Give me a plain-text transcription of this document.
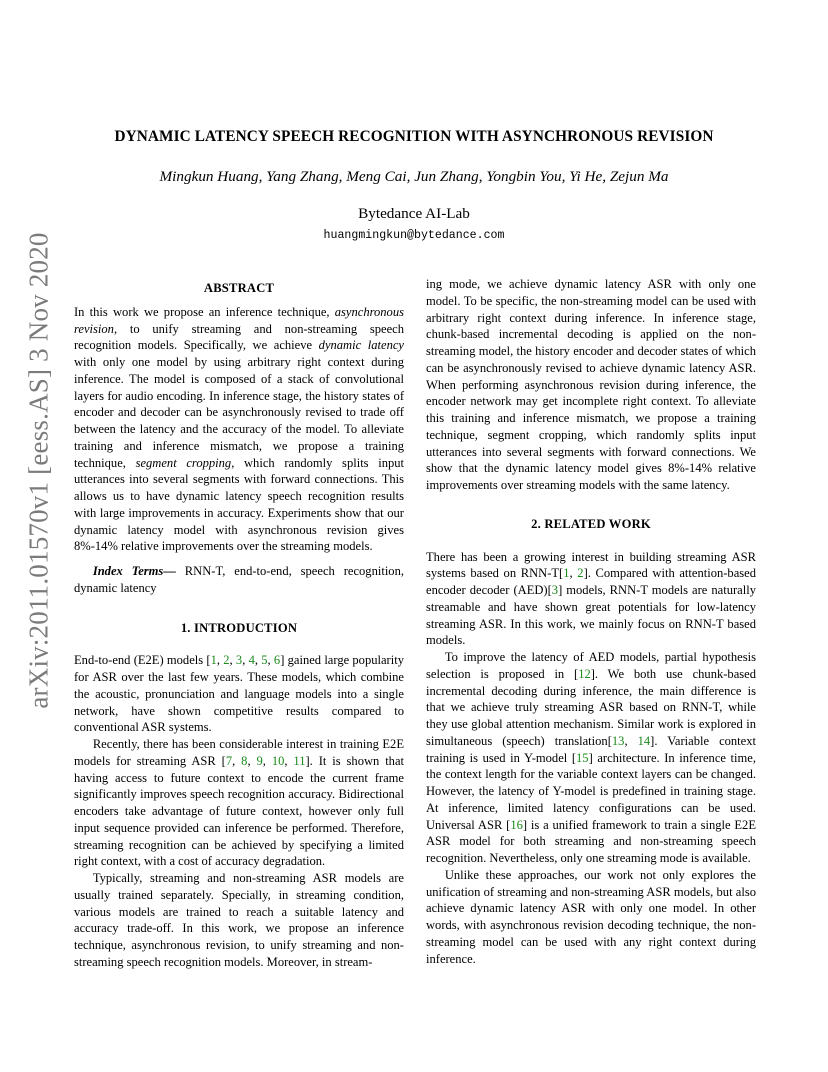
arXiv:2011.01570v1 [eess.AS] 3 Nov 2020
DYNAMIC LATENCY SPEECH RECOGNITION WITH ASYNCHRONOUS REVISION
Mingkun Huang, Yang Zhang, Meng Cai, Jun Zhang, Yongbin You, Yi He, Zejun Ma
Bytedance AI-Lab
huangmingkun@bytedance.com

ABSTRACT

In this work we propose an inference technique, asynchronous revision, to unify streaming and non-streaming speech recognition models. Specifically, we achieve dynamic latency with only one model by using arbitrary right context during inference. The model is composed of a stack of convolutional layers for audio encoding. In inference stage, the history states of encoder and decoder can be asynchronously revised to trade off between the latency and the accuracy of the model. To alleviate training and inference mismatch, we propose a training technique, segment cropping, which randomly splits input utterances into several segments with forward connections. This allows us to have dynamic latency speech recognition results with large improvements in accuracy. Experiments show that our dynamic latency model with asynchronous revision gives 8%-14% relative improvements over the streaming models.

Index Terms— RNN-T, end-to-end, speech recognition, dynamic latency

1. INTRODUCTION

End-to-end (E2E) models [1, 2, 3, 4, 5, 6] gained large popularity for ASR over the last few years. These models, which combine the acoustic, pronunciation and language models into a single network, have shown competitive results compared to conventional ASR systems.

Recently, there has been considerable interest in training E2E models for streaming ASR [7, 8, 9, 10, 11]. It is shown that having access to future context to encode the current frame significantly improves speech recognition accuracy. Bidirectional encoders take advantage of future context, however only full input sequence provided can inference be performed. Therefore, streaming recognition can be achieved by specifying a limited right context, with a cost of accuracy degradation.

Typically, streaming and non-streaming ASR models are usually trained separately. Specially, in streaming condition, various models are trained to reach a suitable latency and accuracy trade-off. In this work, we propose an inference technique, asynchronous revision, to unify streaming and non-streaming speech recognition models. Moreover, in stream-

ing mode, we achieve dynamic latency ASR with only one model. To be specific, the non-streaming model can be used with arbitrary right context during inference. In inference stage, chunk-based incremental decoding is applied on the non-streaming model, the history encoder and decoder states of which can be asynchronously revised to achieve dynamic latency ASR. When performing asynchronous revision during inference, the encoder network may get incomplete right context. To alleviate this training and inference mismatch, we propose a training technique, segment cropping, which randomly splits input utterances into several segments with forward connections. We show that the dynamic latency model gives 8%-14% relative improvements over streaming models with the same latency.

2. RELATED WORK

There has been a growing interest in building streaming ASR systems based on RNN-T[1, 2]. Compared with attention-based encoder decoder (AED)[3] models, RNN-T models are naturally streamable and have shown great potentials for low-latency streaming ASR. In this work, we mainly focus on RNN-T based models.

To improve the latency of AED models, partial hypothesis selection is proposed in [12]. We both use chunk-based incremental decoding during inference, the main difference is that we achieve truly streaming ASR based on RNN-T, while they use global attention mechanism. Similar work is explored in simultaneous (speech) translation[13, 14]. Variable context training is used in Y-model [15] architecture. In inference time, the context length for the variable context layers can be changed. However, the latency of Y-model is predefined in training stage. At inference, limited latency configurations can be used. Universal ASR [16] is a unified framework to train a single E2E ASR model for both streaming and non-streaming speech recognition. Nevertheless, only one streaming mode is available.

Unlike these approaches, our work not only explores the unification of streaming and non-streaming ASR models, but also achieve dynamic latency ASR with only one model. In other words, with asynchronous revision decoding technique, the non-streaming model can be used with any right context during inference.
